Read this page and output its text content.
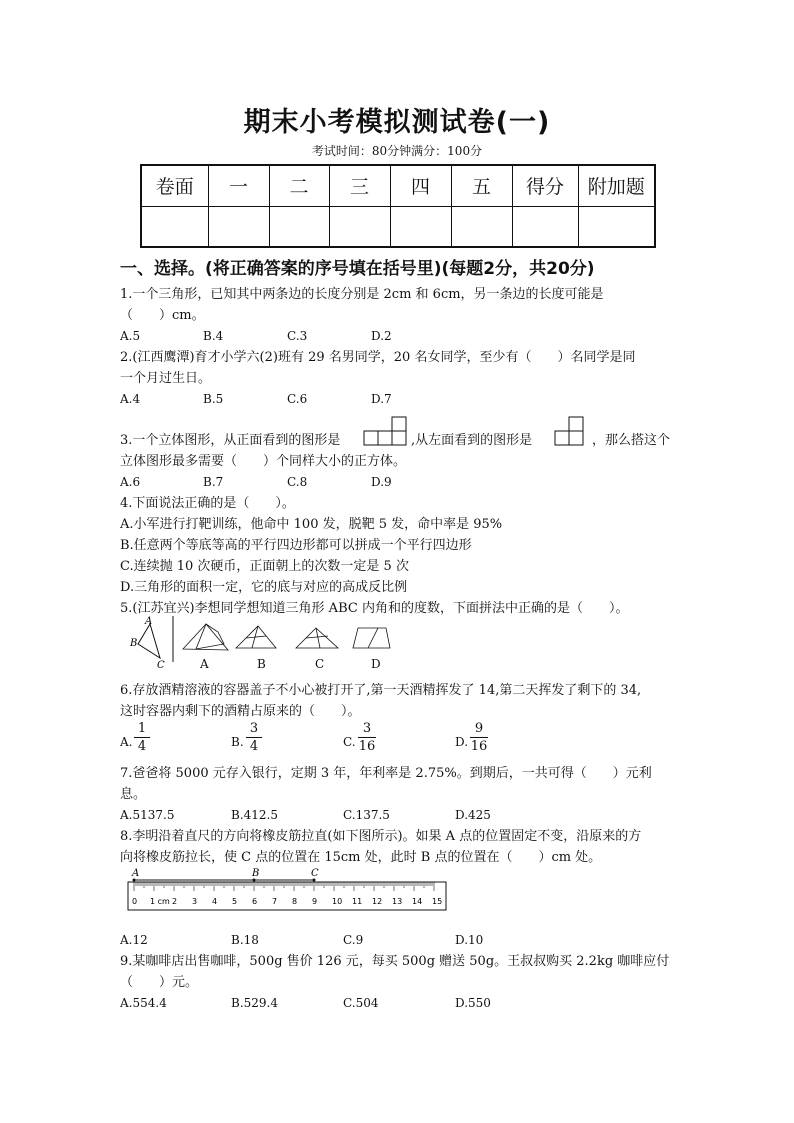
期末小考模拟测试卷(一)
考试时间：80分钟满分：100分
卷面	一	二	三	四	五	得分	附加题

一、选择。(将正确答案的序号填在括号里)(每题2分，共20分)
1.一个三角形，已知其中两条边的长度分别是 2cm 和 6cm，另一条边的长度可能是
（　　）cm。
A.5	B.4	C.3	D.2
2.(江西鹰潭)育才小学六(2)班有 29 名男同学，20 名女同学，至少有（　　）名同学是同
一个月过生日。
A.4	B.5	C.6	D.7
3.一个立体图形，从正面看到的图形是	,从左面看到的图形是	，那么搭这个
立体图形最多需要（　　）个同样大小的正方体。
A.6	B.7	C.8	D.9
4.下面说法正确的是（　　）。
A.小军进行打靶训练，他命中 100 发，脱靶 5 发，命中率是 95%
B.任意两个等底等高的平行四边形都可以拼成一个平行四边形
C.连续抛 10 次硬币，正面朝上的次数一定是 5 次
D.三角形的面积一定，它的底与对应的高成反比例
5.(江苏宜兴)李想同学想知道三角形 ABC 内角和的度数，下面拼法中正确的是（　　）。
A
B
C	A	B	C	D
6.存放酒精溶液的容器盖子不小心被打开了,第一天酒精挥发了 14,第二天挥发了剩下的 34,
这时容器内剩下的酒精占原来的（　　）。
A. $\frac{1}{4}$	B. $\frac{3}{4}$	C. $\frac{3}{16}$	D. $\frac{9}{16}$
7.爸爸将 5000 元存入银行，定期 3 年，年利率是 2.75%。到期后，一共可得（　　）元利
息。
A.5137.5	B.412.5	C.137.5	D.425
8.李明沿着直尺的方向将橡皮筋拉直(如下图所示)。如果 A 点的位置固定不变，沿原来的方
向将橡皮筋拉长，使 C 点的位置在 15cm 处，此时 B 点的位置在（　　）cm 处。
0 1 cm 2 3 4 5 6 7 8 9 10 11 12 13 14 15
A	B	C
A.12	B.18	C.9	D.10
9.某咖啡店出售咖啡，500g 售价 126 元，每买 500g 赠送 50g。王叔叔购买 2.2kg 咖啡应付
（　　）元。
A.554.4	B.529.4	C.504	D.550
